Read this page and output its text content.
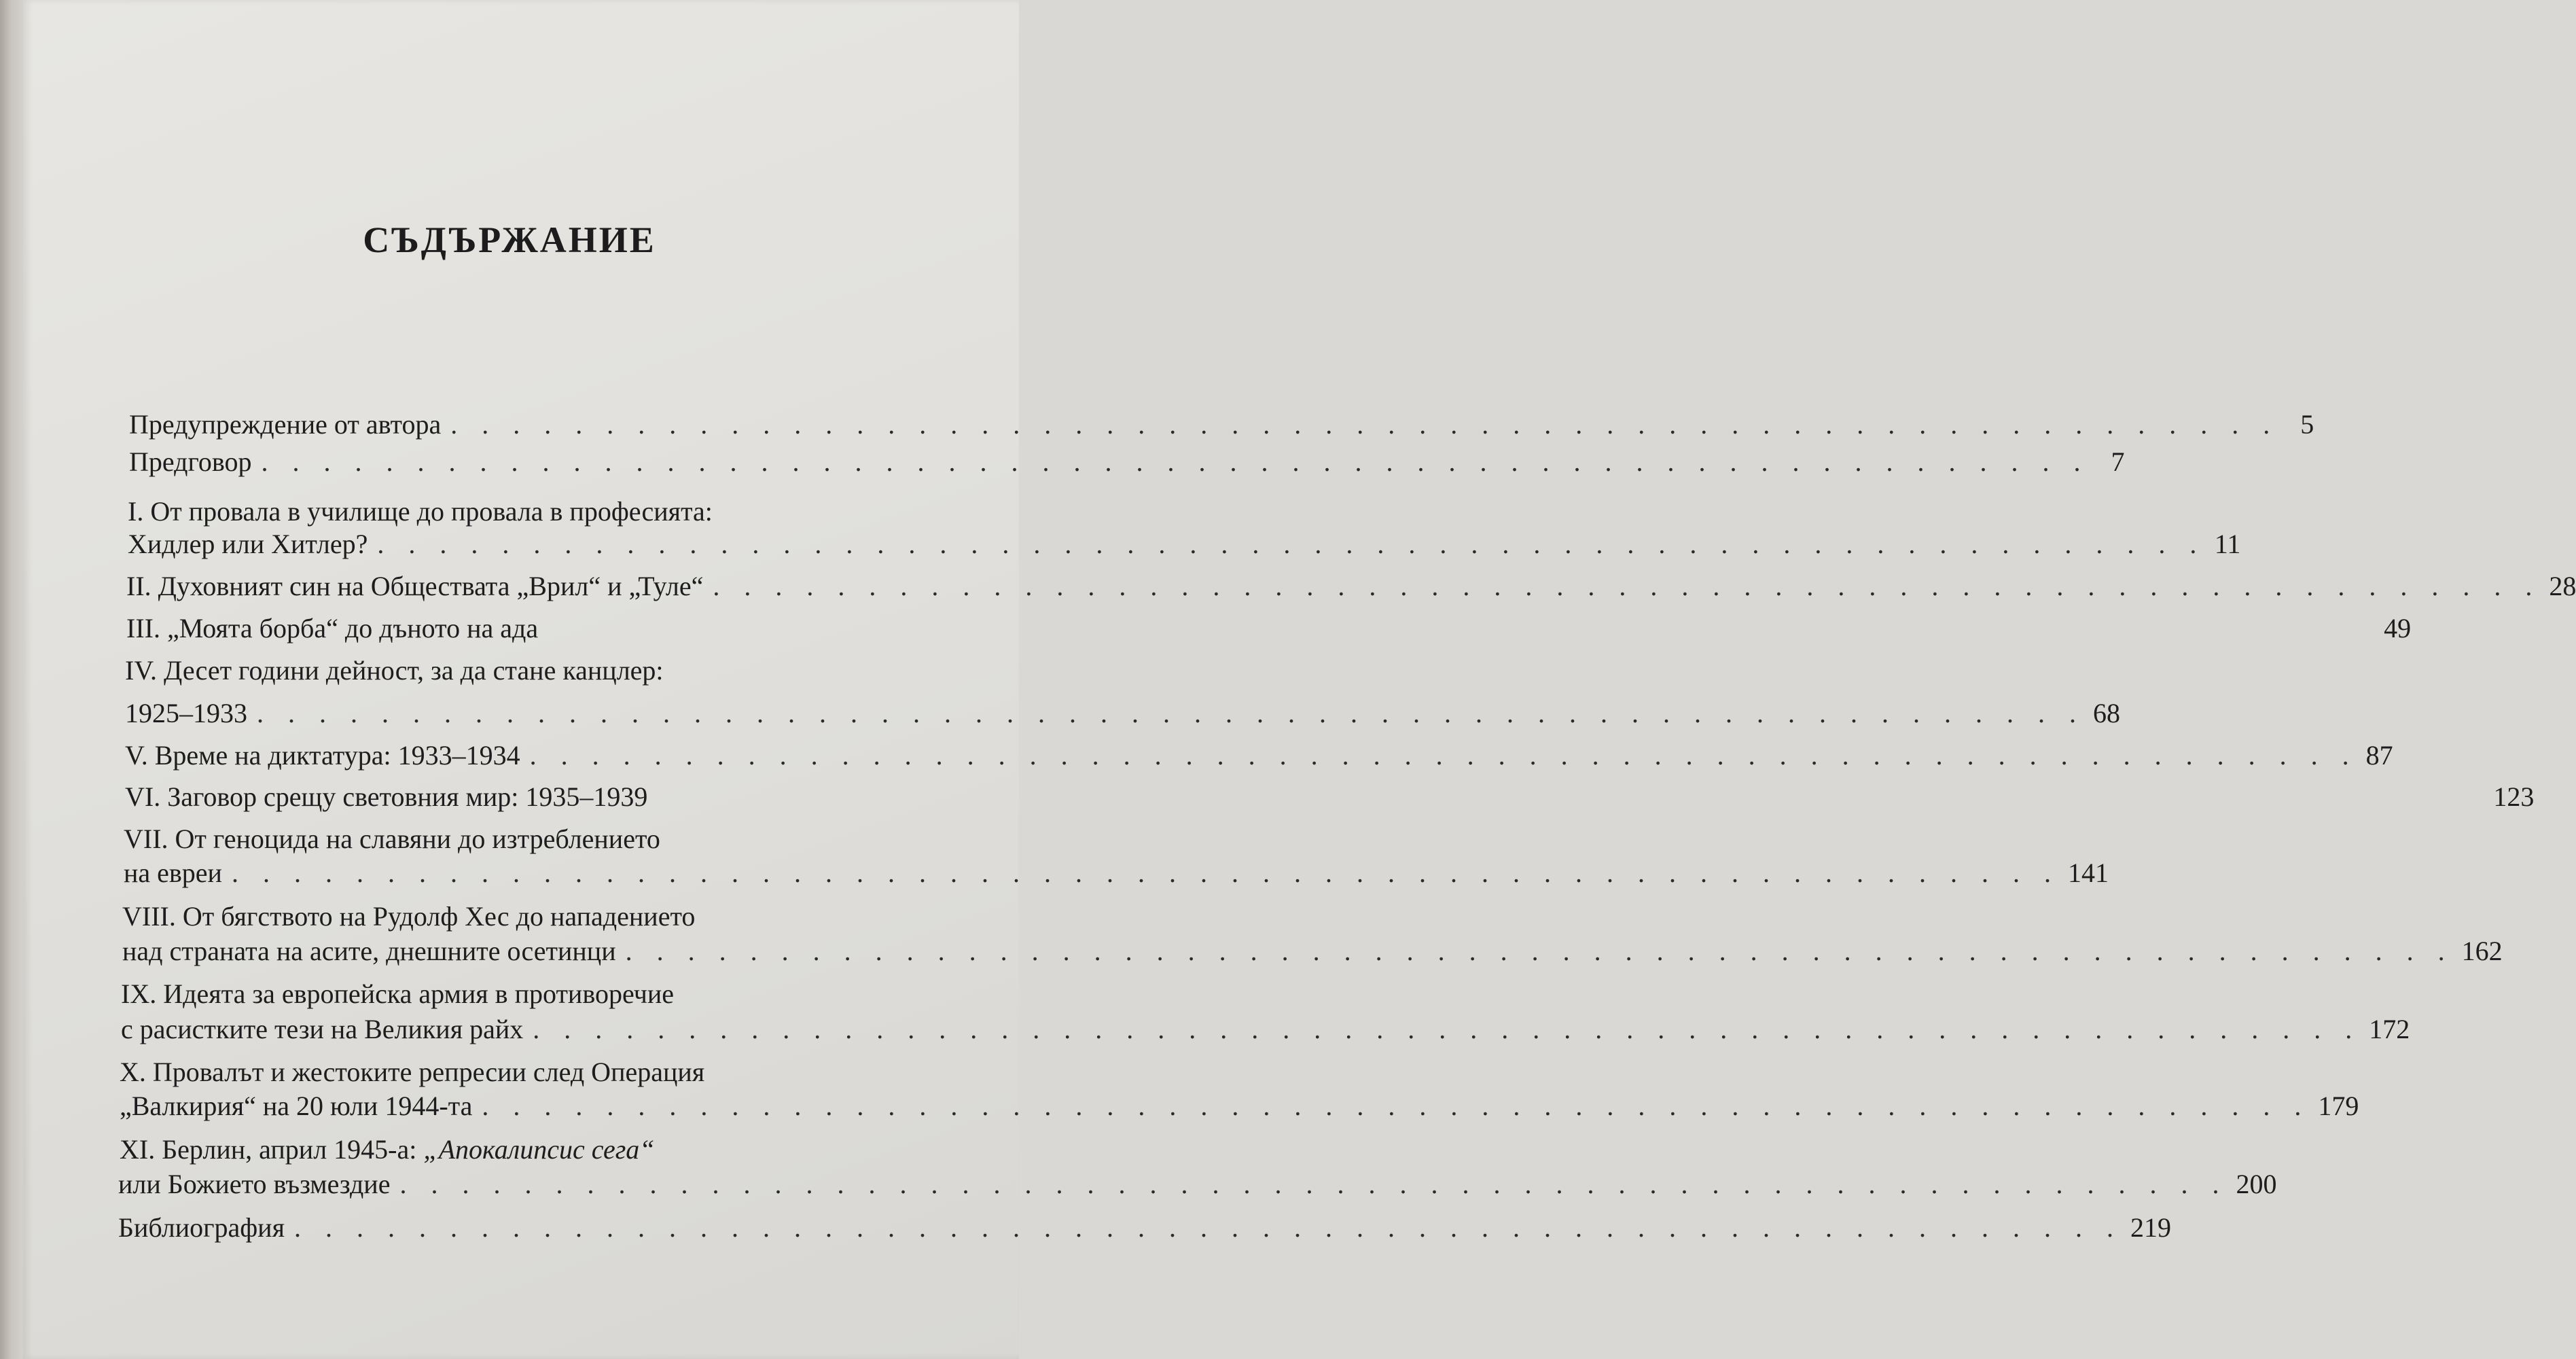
СЪДЪРЖАНИЕ
Предупреждение от автора . . . . . . . . . . . . . . . . . . . . . . . . . . . . . . . . . . . . . . . . . . . . . . . . . . . . . . . . . . . 5
Предговор . . . . . . . . . . . . . . . . . . . . . . . . . . . . . . . . . . . . . . . . . . . . . . . . . . . . . . . . . . . 7
I. От провала в училище до провала в професията:
Хидлер или Хитлер? . . . . . . . . . . . . . . . . . . . . . . . . . . . . . . . . . . . . . . . . . . . . . . . . . . . . . . . . . . . 11
II. Духовният син на Обществата „Врил“ и „Туле“ . . . . . . . . . . . . . . . . . . . . . . . . . . . . . . . . . . . . . . . . . . . . . . . . . . . . . . . . . . . 28
III. „Моята борба“ до дъното на ада	49
IV. Десет години дейност, за да стане канцлер:
1925–1933 . . . . . . . . . . . . . . . . . . . . . . . . . . . . . . . . . . . . . . . . . . . . . . . . . . . . . . . . . . . 68
V. Време на диктатура: 1933–1934 . . . . . . . . . . . . . . . . . . . . . . . . . . . . . . . . . . . . . . . . . . . . . . . . . . . . . . . . . . . 87
VI. Заговор срещу световния мир: 1935–1939	123
VII. От геноцида на славяни до изтреблението
на евреи . . . . . . . . . . . . . . . . . . . . . . . . . . . . . . . . . . . . . . . . . . . . . . . . . . . . . . . . . . . 141
VIII. От бягството на Рудолф Хес до нападението
над страната на асите, днешните осетинци . . . . . . . . . . . . . . . . . . . . . . . . . . . . . . . . . . . . . . . . . . . . . . . . . . . . . . . . . . . 162
IX. Идеята за европейска армия в противоречие
с расистките тези на Великия райх . . . . . . . . . . . . . . . . . . . . . . . . . . . . . . . . . . . . . . . . . . . . . . . . . . . . . . . . . . . 172
X. Провалът и жестоките репресии след Операция
„Валкирия“ на 20 юли 1944-та . . . . . . . . . . . . . . . . . . . . . . . . . . . . . . . . . . . . . . . . . . . . . . . . . . . . . . . . . . . 179
XI. Берлин, април 1945-а: „Апокалипсис сега“
или Божието възмездие . . . . . . . . . . . . . . . . . . . . . . . . . . . . . . . . . . . . . . . . . . . . . . . . . . . . . . . . . . . 200
Библиография . . . . . . . . . . . . . . . . . . . . . . . . . . . . . . . . . . . . . . . . . . . . . . . . . . . . . . . . . . . 219
